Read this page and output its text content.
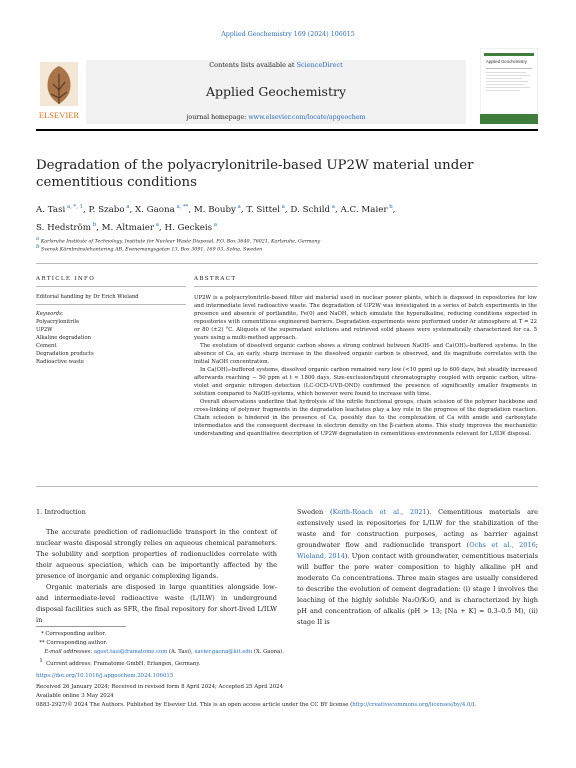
Applied Geochemistry 169 (2024) 106015
ELSEVIER
Contents lists available at ScienceDirect
Applied Geochemistry
journal homepage: www.elsevier.com/locate/apgeochem
Applied Geochemistry
Degradation of the polyacrylonitrile-based UP2W material under
cementitious conditions
A. Tasi $^{a, *, 1}$, P. Szabo $^a$, X. Gaona $^{a, **}$, M. Bouby $^a$, T. Sittel $^a$, D. Schild $^a$, A.C. Maier $^b$,
S. Hedström $^b$, M. Altmaier $^a$, H. Geckeis $^a$
$^a$ Karlsruhe Institute of Technology, Institute for Nuclear Waste Disposal, P.O. Box 3640, 76021, Karlsruhe, Germany
$^b$ Svensk Kärnbränslehantering AB, Evenemangsgatan 13, Box 3091, 169 03, Solna, Sweden
ARTICLE INFO
Editorial handling by Dr Erich Wieland
Keywords:
Polyacrylonitrile
UP2W
Alkaline degradation
Cement
Degradation products
Radioactive waste
ABSTRACT

UP2W is a polyacrylonitrile-based filter aid material used in nuclear power plants, which is disposed in repositories for low and intermediate level radioactive waste. The degradation of UP2W was investigated in a series of batch experiments in the presence and absence of portlandite, Fe(0) and NaOH, which simulate the hyperalkaline, reducing conditions expected in repositories with cementitious engineered barriers. Degradation experiments were performed under Ar atmosphere at T = 22 or 80 (±2) °C. Aliquots of the supernatant solutions and retrieved solid phases were systematically characterized for ca. 5 years using a multi-method approach.

The evolution of dissolved organic carbon shows a strong contrast between NaOH- and Ca(OH)₂-buffered systems. In the absence of Ca, an early, sharp increase in the dissolved organic carbon is observed, and its magnitude correlates with the initial NaOH concentration.

In Ca(OH)₂-buffered systems, dissolved organic carbon remained very low (<10 ppm) up to 600 days, but steadily increased afterwards reaching ∼ 50 ppm at t ≈ 1800 days. Size-exclusion/liquid chromatography coupled with organic carbon, ultra-violet and organic nitrogen detection (LC-OCD-UVD-OND) confirmed the presence of significantly smaller fragments in solution compared to NaOH-systems, which however were found to increase with time.

Overall observations underline that hydrolysis of the nitrile functional groups, chain scission of the polymer backbone and cross-linking of polymer fragments in the degradation leachates play a key role in the progress of the degradation reaction. Chain scission is hindered in the presence of Ca, possibly due to the complexation of Ca with amide and carboxylate intermediates and the consequent decrease in electron density on the β-carbon atoms. This study improves the mechanistic understanding and quantitative description of UP2W degradation in cementitious environments relevant for L/ILW disposal.

1. Introduction

The accurate prediction of radionuclide transport in the context of nuclear waste disposal strongly relies on aqueous chemical parameters. The solubility and sorption properties of radionuclides correlate with their aqueous speciation, which can be importantly affected by the presence of inorganic and organic complexing ligands.

Organic materials are disposed in large quantities alongside low- and intermediate-level radioactive waste (L/ILW) in underground disposal facilities such as SFR, the final repository for short-lived L/ILW in

Sweden (Keith-Roach et al., 2021). Cementitious materials are extensively used in repositories for L/ILW for the stabilization of the waste and for construction purposes, acting as barrier against groundwater flow and radionuclide transport (Ochs et al., 2016; Wieland, 2014). Upon contact with groundwater, cementitious materials will buffer the pore water composition to highly alkaline pH and moderate Ca concentrations. Three main stages are usually considered to describe the evolution of cement degradation: (i) stage I involves the leaching of the highly soluble Na₂O/K₂O, and is characterized by high pH and concentration of alkalis (pH > 13; [Na + K] ≈ 0.3–0.5 M), (ii) stage II is

* Corresponding author.
** Corresponding author.
E-mail addresses: agost.tasi@framatome.com (A. Tasi), xavier.gaona@kit.edu (X. Gaona).
$^1$ Current address: Framatome GmbH, Erlangen, Germany.
https://doi.org/10.1016/j.apgeochem.2024.106015
Received 26 January 2024; Received in revised form 8 April 2024; Accepted 25 April 2024
Available online 3 May 2024
0883-2927/© 2024 The Authors. Published by Elsevier Ltd. This is an open access article under the CC BY license (http://creativecommons.org/licenses/by/4.0/).
